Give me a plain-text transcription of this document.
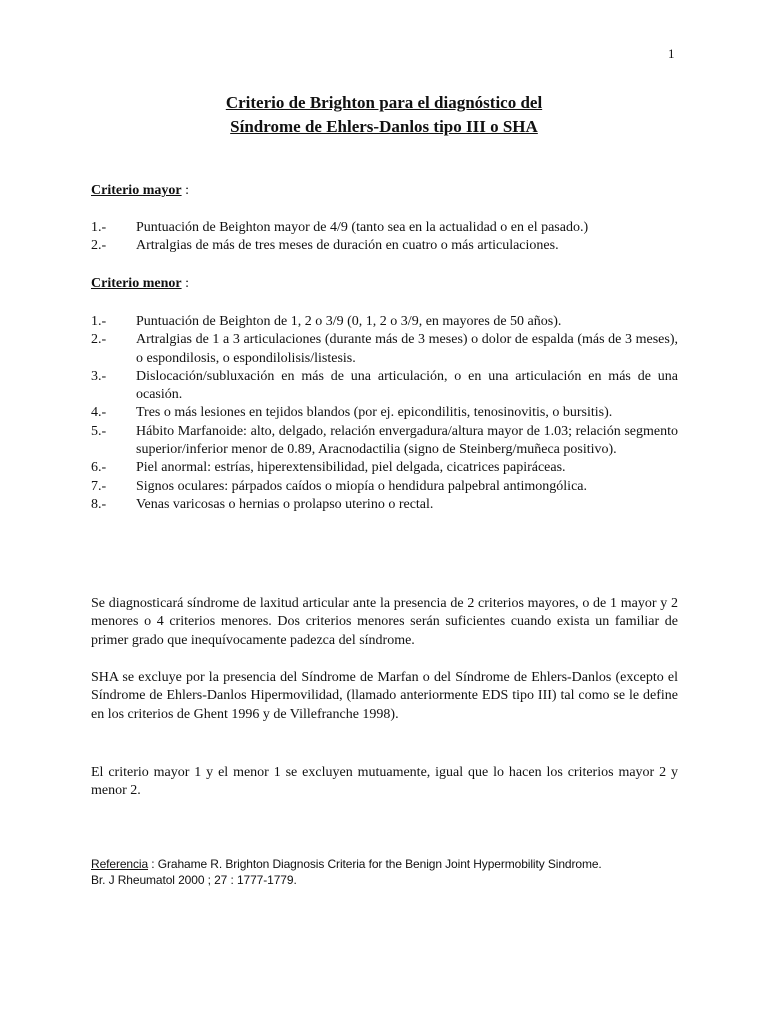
1
Criterio de Brighton para el diagnóstico del
Síndrome de Ehlers-Danlos tipo III o SHA
Criterio mayor :
1.- Puntuación de Beighton mayor de 4/9 (tanto sea en la actualidad o en el pasado.)
2.- Artralgias de más de tres meses de duración en cuatro o más articulaciones.
Criterio menor :
1.- Puntuación de Beighton de 1, 2 o 3/9 (0, 1, 2 o 3/9, en mayores de 50 años).
2.- Artralgias de 1 a 3 articulaciones (durante más de 3 meses) o dolor de espalda (más de 3 meses), o espondilosis, o espondilolisis/listesis.
3.- Dislocación/subluxación en más de una articulación, o en una articulación en más de una ocasión.
4.- Tres o más lesiones en tejidos blandos (por ej. epicondilitis, tenosinovitis, o bursitis).
5.- Hábito Marfanoide: alto, delgado, relación envergadura/altura mayor de 1.03; relación segmento superior/inferior menor de 0.89, Aracnodactilia (signo de Steinberg/muñeca positivo).
6.- Piel anormal: estrías, hiperextensibilidad, piel delgada, cicatrices papiráceas.
7.- Signos oculares: párpados caídos o miopía o hendidura palpebral antimongólica.
8.- Venas varicosas o hernias o prolapso uterino o rectal.

Se diagnosticará síndrome de laxitud articular ante la presencia de 2 criterios mayores, o de 1 mayor y 2 menores o 4 criterios menores. Dos criterios menores serán suficientes cuando exista un familiar de primer grado que inequívocamente padezca del síndrome.

SHA se excluye por la presencia del Síndrome de Marfan o del Síndrome de Ehlers-Danlos (excepto el Síndrome de Ehlers-Danlos Hipermovilidad, (llamado anteriormente EDS tipo III) tal como se le define en los criterios de Ghent 1996 y de Villefranche 1998).

El criterio mayor 1 y el menor 1 se excluyen mutuamente, igual que lo hacen los criterios mayor 2 y menor 2.

Referencia : Grahame R. Brighton Diagnosis Criteria for the Benign Joint Hypermobility Sindrome.
Br. J Rheumatol 2000 ; 27 : 1777-1779.
